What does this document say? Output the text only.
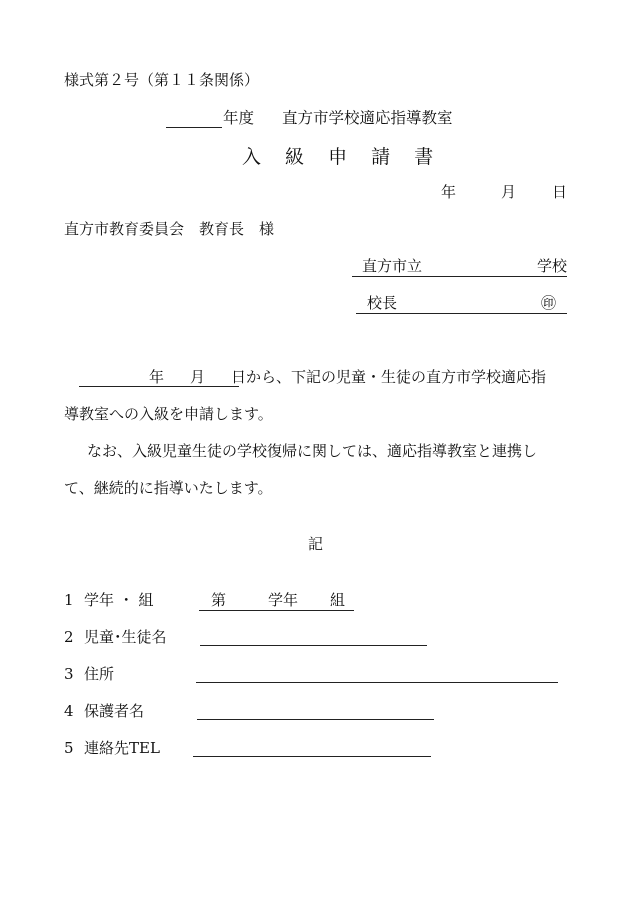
様式第２号（第１１条関係）
年度 直方市学校適応指導教室
入 級 申 請 書
年	月 日
直方市教育委員会　教育長　様
直方市立	学校
校長	㊞
年 月 日から、下記の児童・生徒の直方市学校適応指
導教室への入級を申請します。
なお、入級児童生徒の学校復帰に関しては、適応指導教室と連携し
て、継続的に指導いたします。
記
1 学年 ・ 組	第	学年 組
2 児童･生徒名
3 住所
4 保護者名
5 連絡先TEL
